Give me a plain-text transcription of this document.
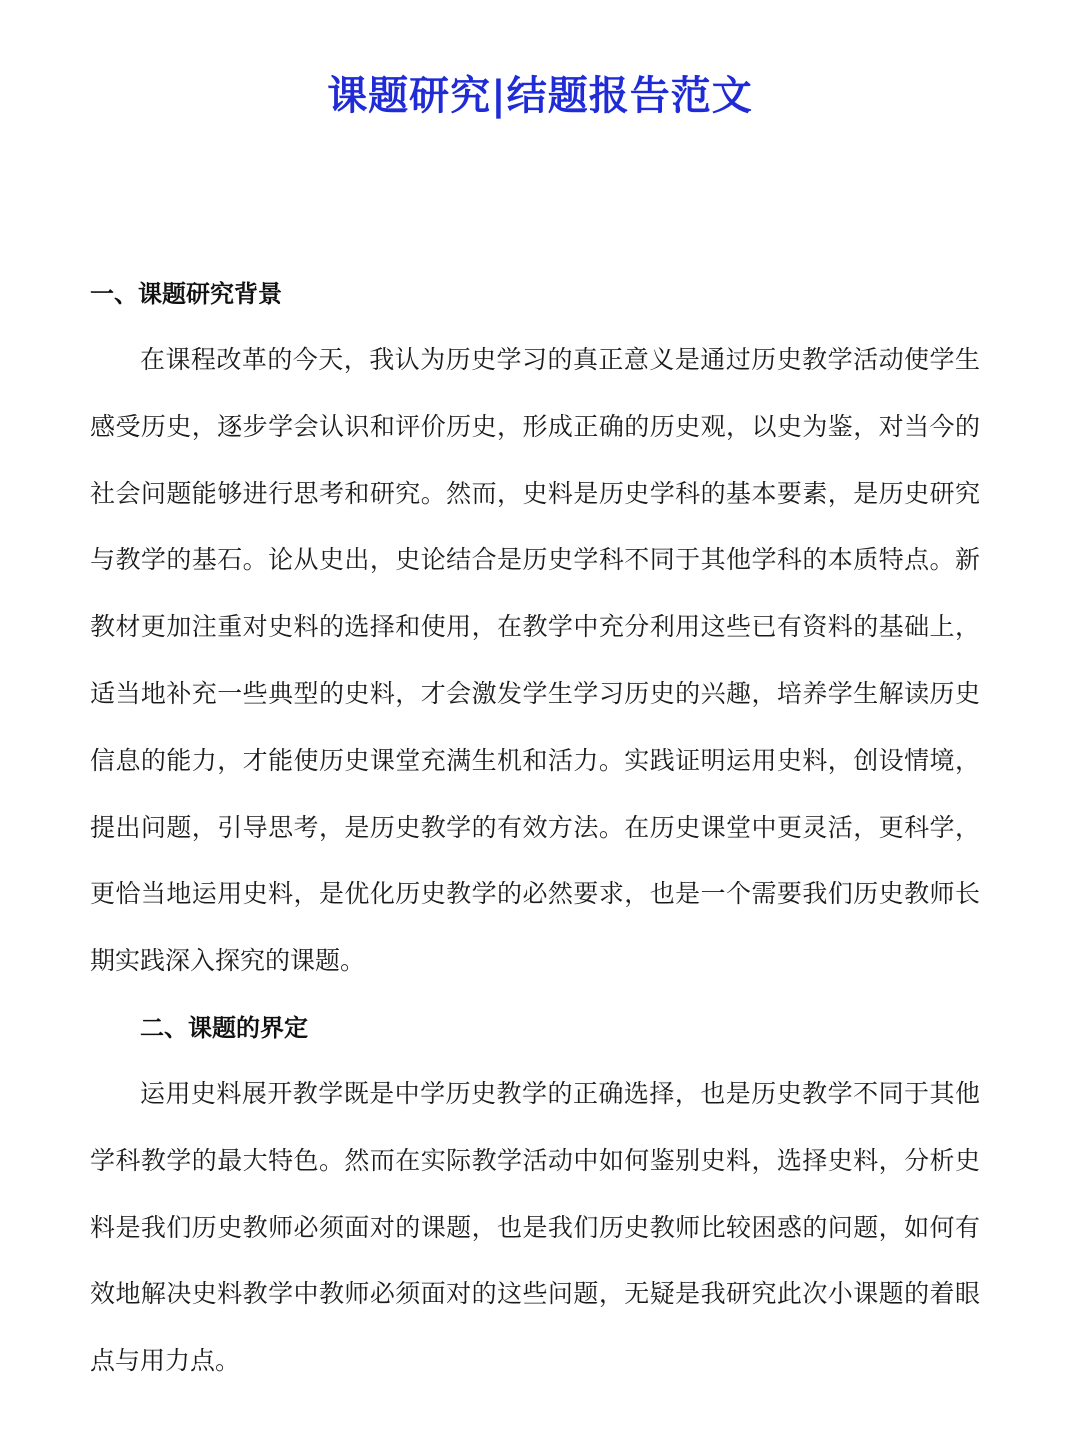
课题研究|结题报告范文
一、课题研究背景

在课程改革的今天，我认为历史学习的真正意义是通过历史教学活动使学生感受历史，逐步学会认识和评价历史，形成正确的历史观，以史为鉴，对当今的社会问题能够进行思考和研究。然而，史料是历史学科的基本要素，是历史研究与教学的基石。论从史出，史论结合是历史学科不同于其他学科的本质特点。新教材更加注重对史料的选择和使用，在教学中充分利用这些已有资料的基础上，适当地补充一些典型的史料，才会激发学生学习历史的兴趣，培养学生解读历史信息的能力，才能使历史课堂充满生机和活力。实践证明运用史料，创设情境，提出问题，引导思考，是历史教学的有效方法。在历史课堂中更灵活，更科学，更恰当地运用史料，是优化历史教学的必然要求，也是一个需要我们历史教师长期实践深入探究的课题。

二、课题的界定

运用史料展开教学既是中学历史教学的正确选择，也是历史教学不同于其他学科教学的最大特色。然而在实际教学活动中如何鉴别史料，选择史料，分析史料是我们历史教师必须面对的课题，也是我们历史教师比较困惑的问题，如何有效地解决史料教学中教师必须面对的这些问题，无疑是我研究此次小课题的着眼点与用力点。
